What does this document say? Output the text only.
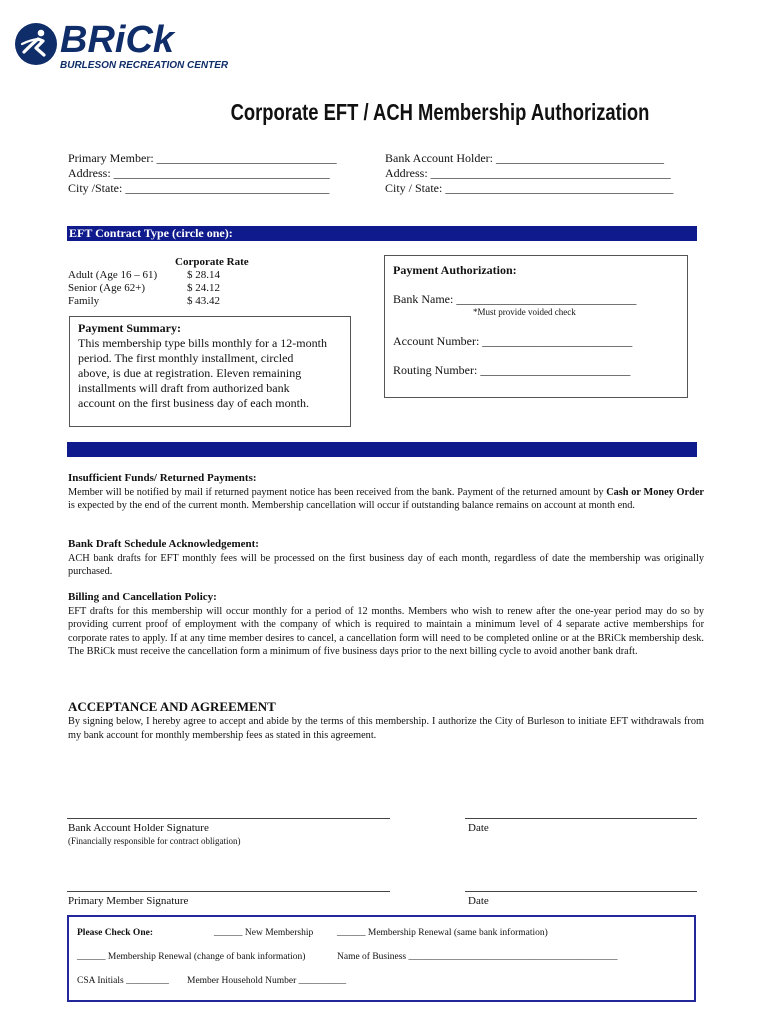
BRiCk
BURLESON RECREATION CENTER
Corporate EFT / ACH Membership Authorization
Primary Member: ______________________________
Address: ____________________________________
City /State: __________________________________
Bank Account Holder: ____________________________
Address: ________________________________________
City / State: ______________________________________
EFT Contract Type (circle one):
Corporate Rate
Adult (Age 16 – 61)	$ 28.14
Senior (Age 62+)	$ 24.12
Family	$ 43.42
Payment Summary:
This membership type bills monthly for a 12-month
period. The first monthly installment, circled
above, is due at registration. Eleven remaining
installments will draft from authorized bank
account on the first business day of each month.
Payment Authorization:
Bank Name: ______________________________
*Must provide voided check
Account Number: _________________________
Routing Number: _________________________
Insufficient Funds/ Returned Payments:
Member will be notified by mail if returned payment notice has been received from the bank. Payment of the returned amount by Cash or Money Order is expected by the end of the current month. Membership cancellation will occur if outstanding balance remains on account at month end.
Bank Draft Schedule Acknowledgement:
ACH bank drafts for EFT monthly fees will be processed on the first business day of each month, regardless of date the membership was originally purchased.
Billing and Cancellation Policy:
EFT drafts for this membership will occur monthly for a period of 12 months. Members who wish to renew after the one-year period may do so by providing current proof of employment with the company of which is required to maintain a minimum level of 4 separate active memberships for corporate rates to apply. If at any time member desires to cancel, a cancellation form will need to be completed online or at the BRiCk membership desk. The BRiCk must receive the cancellation form a minimum of five business days prior to the next billing cycle to avoid another bank draft.
ACCEPTANCE AND AGREEMENT
By signing below, I hereby agree to accept and abide by the terms of this membership. I authorize the City of Burleson to initiate EFT withdrawals from my bank account for monthly membership fees as stated in this agreement.
Bank Account Holder Signature
(Financially responsible for contract obligation)
Date
Primary Member Signature	Date
Please Check One:	______ New Membership	______ Membership Renewal (same bank information)
______ Membership Renewal (change of bank information)	Name of Business ____________________________________________
CSA Initials _________ Member Household Number __________
